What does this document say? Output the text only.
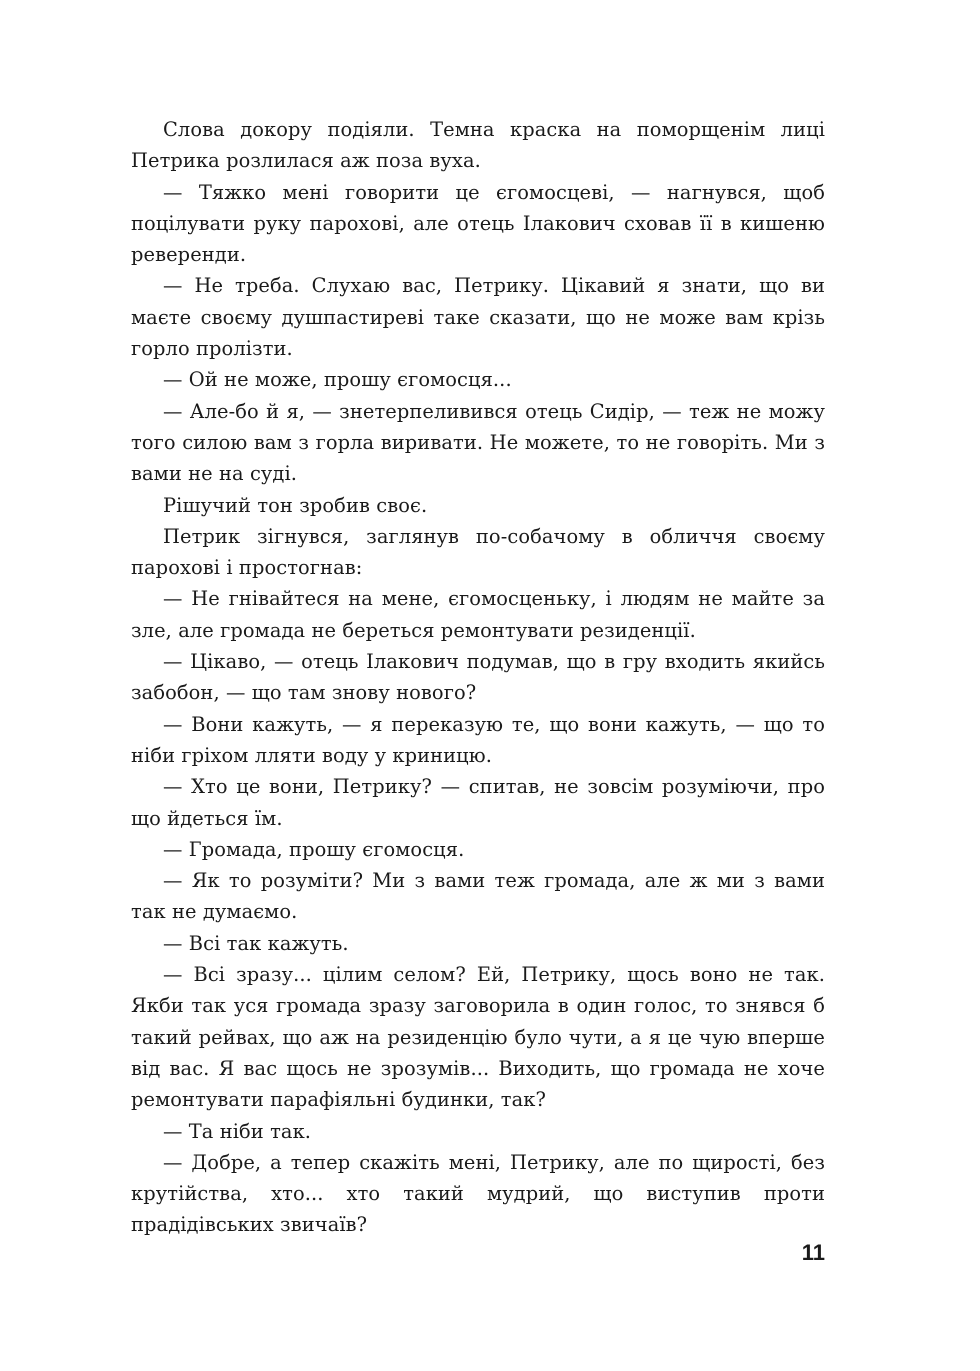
Слова докору подіяли. Темна краска на поморщенім лиці Петрика розлилася аж поза вуха.

— Тяжко мені говорити це єгомосцеві, — нагнувся, щоб поцілувати руку парохові, але отець Ілакович сховав її в кишеню реверенди.

— Не треба. Слухаю вас, Петрику. Цікавий я знати, що ви маєте своєму душпастиреві таке сказати, що не може вам крізь горло пролізти.

— Ой не може, прошу єгомосця...

— Але-бо й я, — знетерпеливився отець Сидір, — теж не можу того силою вам з горла виривати. Не можете, то не говоріть. Ми з вами не на суді.

Рішучий тон зробив своє.

Петрик зігнувся, заглянув по-собачому в обличчя своєму парохові і простогнав:

— Не гнівайтеся на мене, єгомосценьку, і людям не майте за зле, але громада не береться ремонтувати резиденції.

— Цікаво, — отець Ілакович подумав, що в гру входить якийсь забобон, — що там знову нового?

— Вони кажуть, — я переказую те, що вони кажуть, — що то ніби гріхом лляти воду у криницю.

— Хто це вони, Петрику? — спитав, не зовсім розуміючи, про що йдеться їм.

— Громада, прошу єгомосця.

— Як то розуміти? Ми з вами теж громада, але ж ми з вами так не думаємо.

— Всі так кажуть.

— Всі зразу... цілим селом? Ей, Петрику, щось воно не так. Якби так уся громада зразу заговорила в один голос, то знявся б такий рейвах, що аж на резиденцію було чути, а я це чую вперше від вас. Я вас щось не зрозумів... Виходить, що громада не хоче ремонтувати парафіяльні будинки, так?

— Та ніби так.

— Добре, а тепер скажіть мені, Петрику, але по щирості, без крутійства, хто... хто такий мудрий, що виступив проти прадідівських звичаїв?

11
